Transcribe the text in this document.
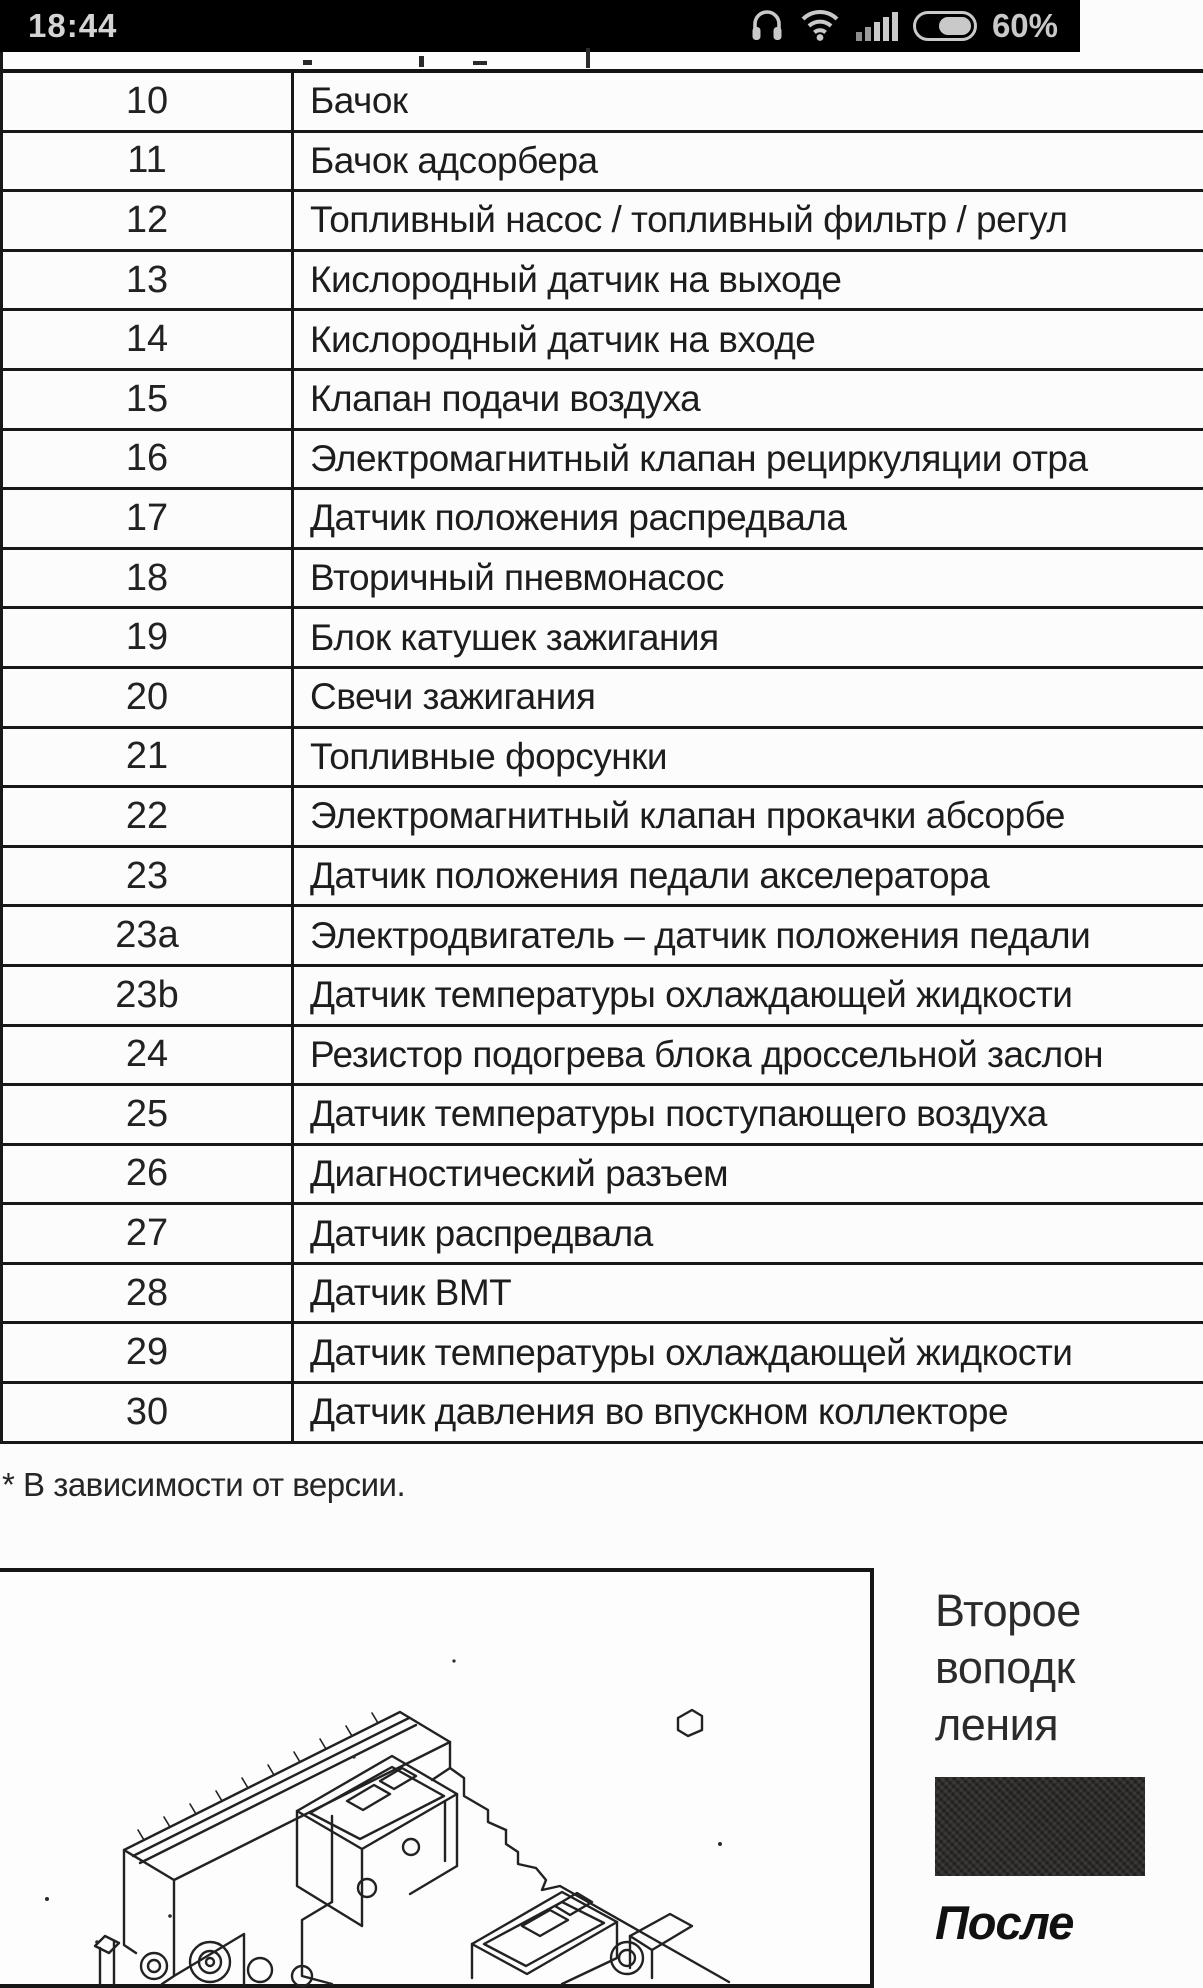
18:44	60%
10	Бачок
11	Бачок адсорбера
12	Топливный насос / топливный фильтр / регул
13	Кислородный датчик на выходе
14	Кислородный датчик на входе
15	Клапан подачи воздуха
16	Электромагнитный клапан рециркуляции отра
17	Датчик положения распредвала
18	Вторичный пневмонасос
19	Блок катушек зажигания
20	Свечи зажигания
21	Топливные форсунки
22	Электромагнитный клапан прокачки абсорбе
23	Датчик положения педали акселератора
23a	Электродвигатель – датчик положения педали
23b	Датчик температуры охлаждающей жидкости
24	Резистор подогрева блока дроссельной заслон
25	Датчик температуры поступающего воздуха
26	Диагностический разъем
27	Датчик распредвала
28	Датчик ВМТ
29	Датчик температуры охлаждающей жидкости
30	Датчик давления во впускном коллекторе
* В зависимости от версии.
Второе
воподк
ления
После
